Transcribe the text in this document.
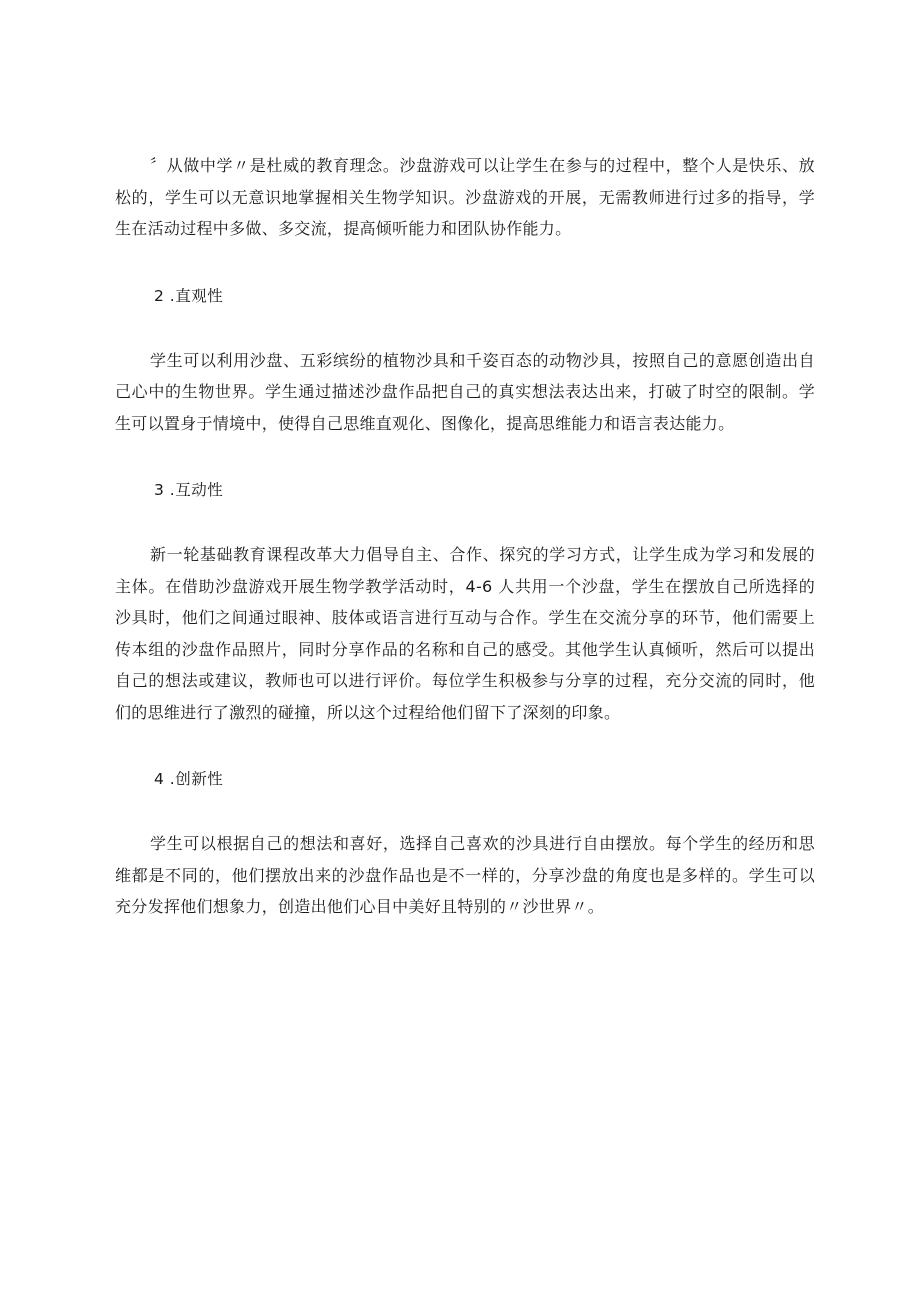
〞从做中学〃是杜威的教育理念。沙盘游戏可以让学生在参与的过程中，整个人是快乐、放松的，学生可以无意识地掌握相关生物学知识。沙盘游戏的开展，无需教师进行过多的指导，学生在活动过程中多做、多交流，提高倾听能力和团队协作能力。

2 .直观性

学生可以利用沙盘、五彩缤纷的植物沙具和千姿百态的动物沙具，按照自己的意愿创造出自己心中的生物世界。学生通过描述沙盘作品把自己的真实想法表达出来，打破了时空的限制。学生可以置身于情境中，使得自己思维直观化、图像化，提高思维能力和语言表达能力。

3 .互动性

新一轮基础教育课程改革大力倡导自主、合作、探究的学习方式，让学生成为学习和发展的主体。在借助沙盘游戏开展生物学教学活动时，4-6 人共用一个沙盘，学生在摆放自己所选择的沙具时，他们之间通过眼神、肢体或语言进行互动与合作。学生在交流分享的环节，他们需要上传本组的沙盘作品照片，同时分享作品的名称和自己的感受。其他学生认真倾听，然后可以提出自己的想法或建议，教师也可以进行评价。每位学生积极参与分享的过程，充分交流的同时，他们的思维进行了激烈的碰撞，所以这个过程给他们留下了深刻的印象。

4 .创新性

学生可以根据自己的想法和喜好，选择自己喜欢的沙具进行自由摆放。每个学生的经历和思维都是不同的，他们摆放出来的沙盘作品也是不一样的，分享沙盘的角度也是多样的。学生可以充分发挥他们想象力，创造出他们心目中美好且特别的〃沙世界〃。
